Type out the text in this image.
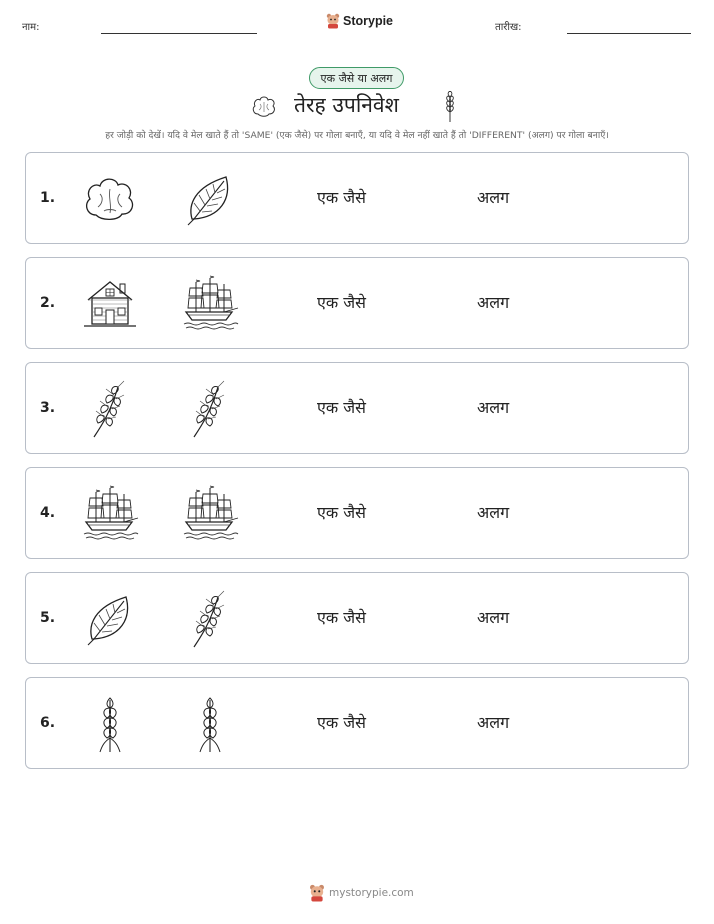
नाम:	Storypie	तारीख:
एक जैसे या अलग
तेरह उपनिवेश
हर जोड़ी को देखें। यदि वे मेल खाते हैं तो 'SAME' (एक जैसे) पर गोला बनाएँ, या यदि वे मेल नहीं खाते हैं तो 'DIFFERENT' (अलग) पर गोला बनाएँ।
1.	एक जैसे	अलग
2.	एक जैसे	अलग
3.	एक जैसे	अलग
4.	एक जैसे	अलग
5.	एक जैसे	अलग
6.	एक जैसे	अलग
mystorypie.com
